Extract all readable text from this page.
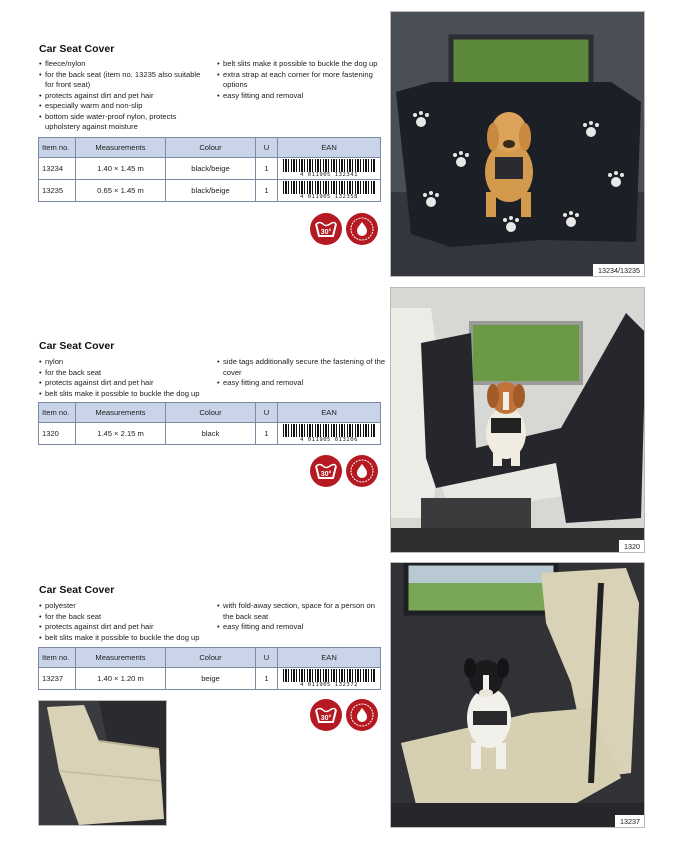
Car Seat Cover
• fleece/nylon
• for the back seat (item no. 13235 also suitable for front seat)
• protects against dirt and pet hair
• especially warm and non-slip
• bottom side water-proof nylon, protects upholstery against moisture
• belt slits make it possible to buckle the dog up
• extra strap at each corner for more fastening options
• easy fitting and removal
Item no.	Measurements	Colour	U	EAN
13234	1.40 × 1.45 m	black/beige	1	4 011905 132341

13235	0.65 × 1.45 m	black/beige	1	4 011905 132358
30°
13234/13235
Car Seat Cover
• nylon
• for the back seat
• protects against dirt and pet hair
• belt slits make it possible to buckle the dog up
• side tags additionally secure the fastening of the cover
• easy fitting and removal
Item no.	Measurements	Colour	U	EAN
1320	1.45 × 2.15 m	black	1	4 011905 013206
30°
1320
Car Seat Cover
• polyester
• for the back seat
• protects against dirt and pet hair
• belt slits make it possible to buckle the dog up
• with fold-away section, space for a person on the back seat
• easy fitting and removal
Item no.	Measurements	Colour	U	EAN
13237	1.40 × 1.20 m	beige	1	4 011905 132372
30°
13237
